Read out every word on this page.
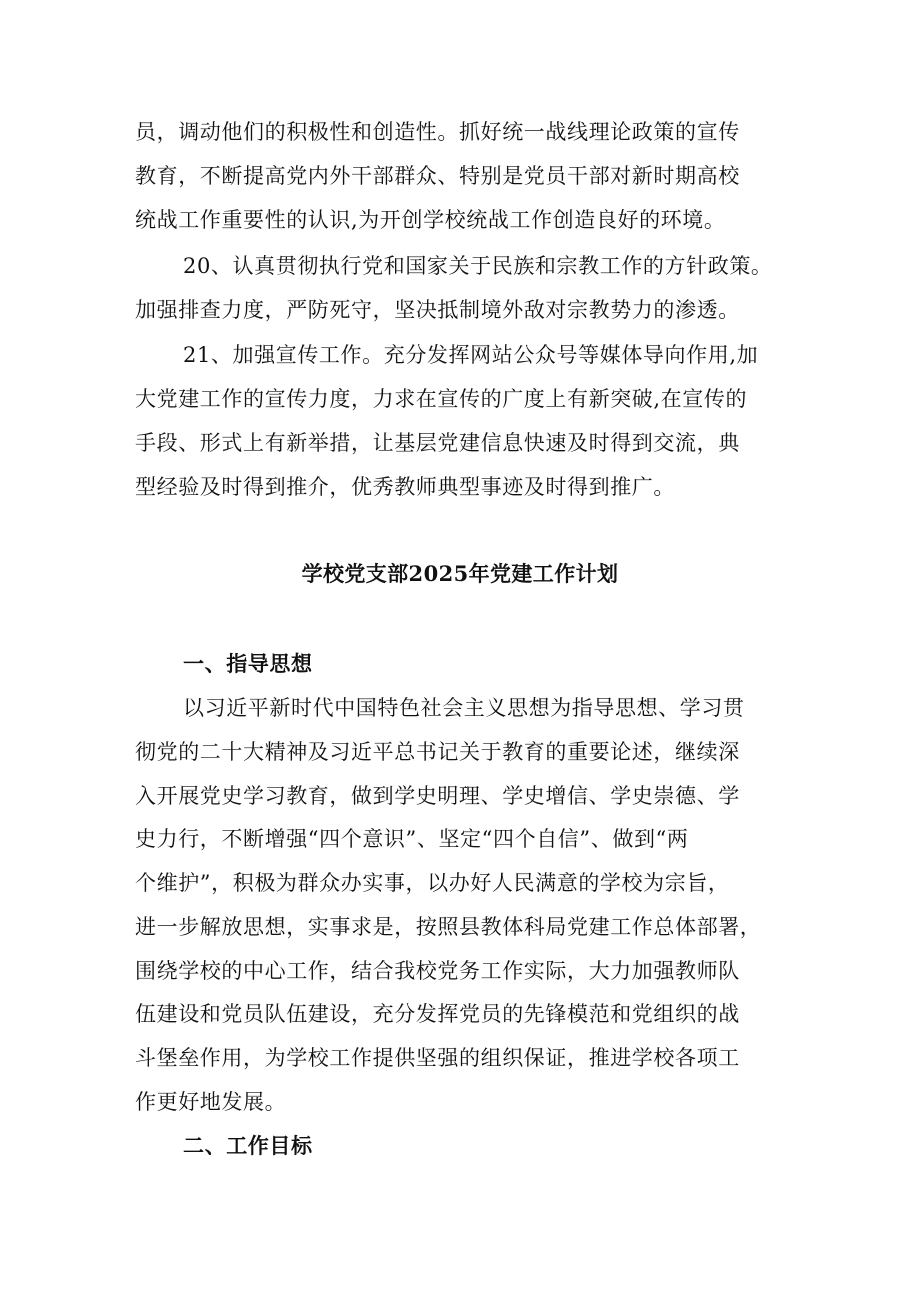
员，调动他们的积极性和创造性。抓好统一战线理论政策的宣传
教育，不断提高党内外干部群众、特别是党员干部对新时期高校
统战工作重要性的认识,为开创学校统战工作创造良好的环境。
20、认真贯彻执行党和国家关于民族和宗教工作的方针政策。
加强排查力度，严防死守，坚决抵制境外敌对宗教势力的渗透。
21、加强宣传工作。充分发挥网站公众号等媒体导向作用,加
大党建工作的宣传力度，力求在宣传的广度上有新突破,在宣传的
手段、形式上有新举措，让基层党建信息快速及时得到交流，典
型经验及时得到推介，优秀教师典型事迹及时得到推广。
学校党支部2025年党建工作计划
一、指导思想
以习近平新时代中国特色社会主义思想为指导思想、学习贯
彻党的二十大精神及习近平总书记关于教育的重要论述，继续深
入开展党史学习教育，做到学史明理、学史增信、学史崇德、学
史力行，不断增强“四个意识”、坚定“四个自信”、做到“两
个维护”，积极为群众办实事，以办好人民满意的学校为宗旨，
进一步解放思想，实事求是，按照县教体科局党建工作总体部署，
围绕学校的中心工作，结合我校党务工作实际，大力加强教师队
伍建设和党员队伍建设，充分发挥党员的先锋模范和党组织的战
斗堡垒作用，为学校工作提供坚强的组织保证，推进学校各项工
作更好地发展。
二、工作目标
